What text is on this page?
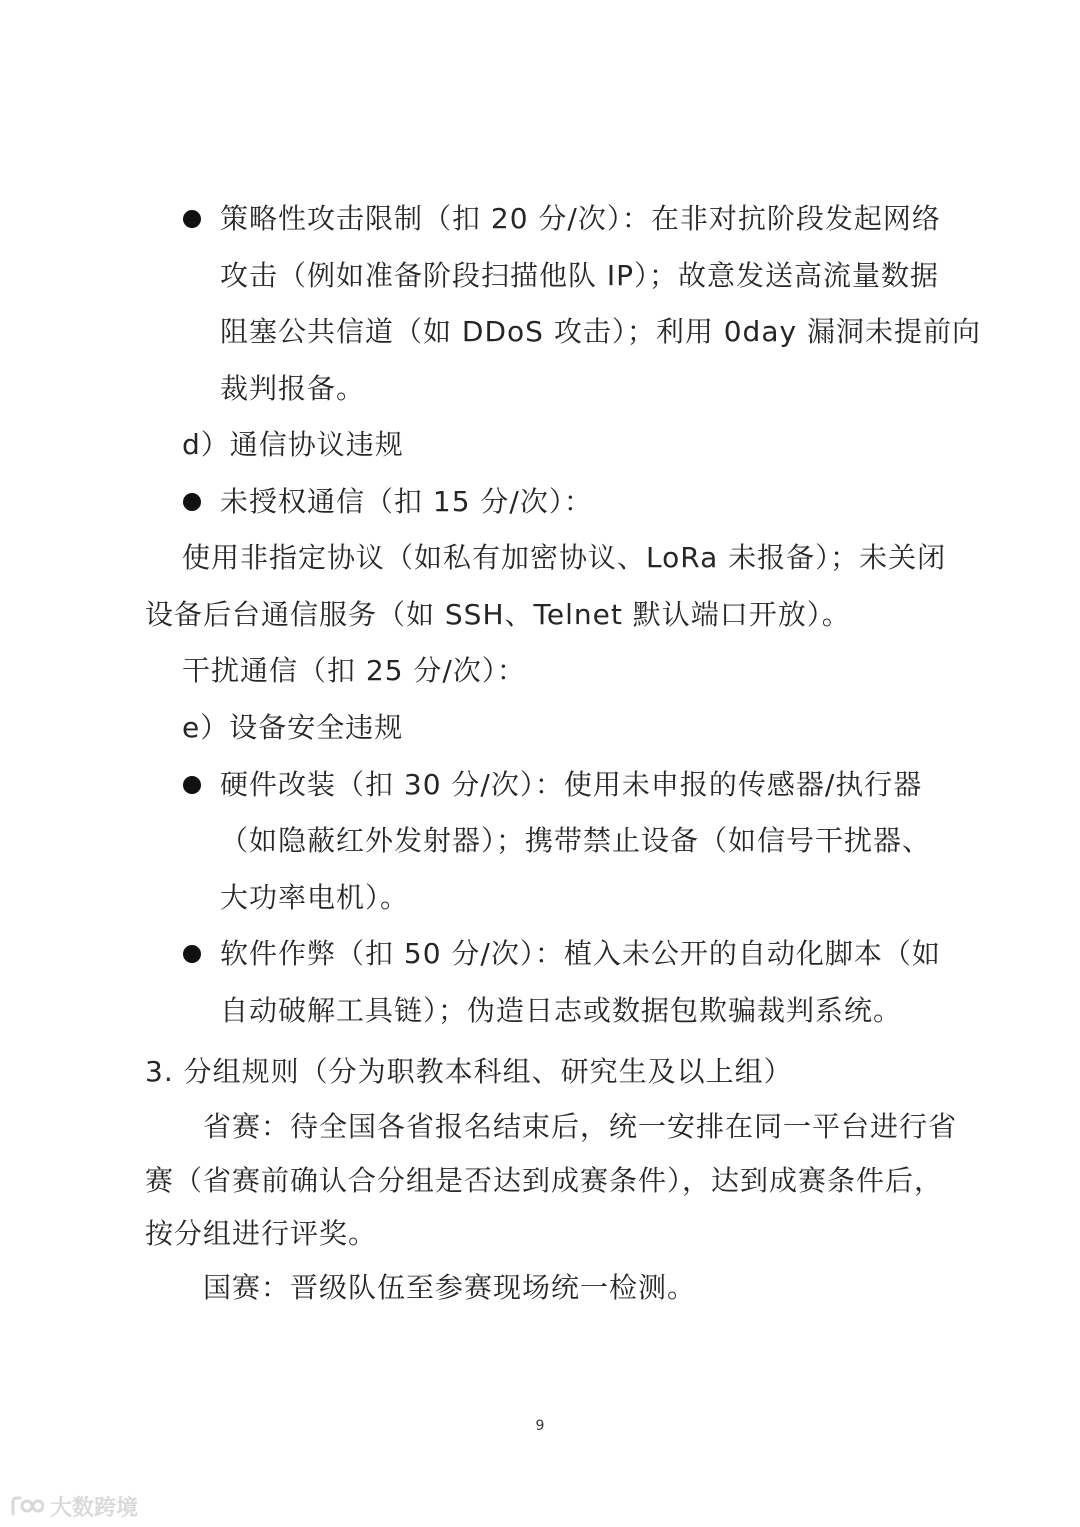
策略性攻击限制（扣 20 分/次）：在非对抗阶段发起网络
攻击（例如准备阶段扫描他队 IP）；故意发送高流量数据
阻塞公共信道（如 DDoS 攻击）；利用 0day 漏洞未提前向
裁判报备。
d）通信协议违规
未授权通信（扣 15 分/次）：
使用非指定协议（如私有加密协议、LoRa 未报备）；未关闭
设备后台通信服务（如 SSH、Telnet 默认端口开放）。
干扰通信（扣 25 分/次）：
e）设备安全违规
硬件改装（扣 30 分/次）：使用未申报的传感器/执行器
（如隐蔽红外发射器）；携带禁止设备（如信号干扰器、
大功率电机）。
软件作弊（扣 50 分/次）：植入未公开的自动化脚本（如
自动破解工具链）；伪造日志或数据包欺骗裁判系统。
3. 分组规则（分为职教本科组、研究生及以上组）
省赛：待全国各省报名结束后，统一安排在同一平台进行省
赛（省赛前确认合分组是否达到成赛条件），达到成赛条件后，
按分组进行评奖。
国赛：晋级队伍至参赛现场统一检测。
9
大数跨境
